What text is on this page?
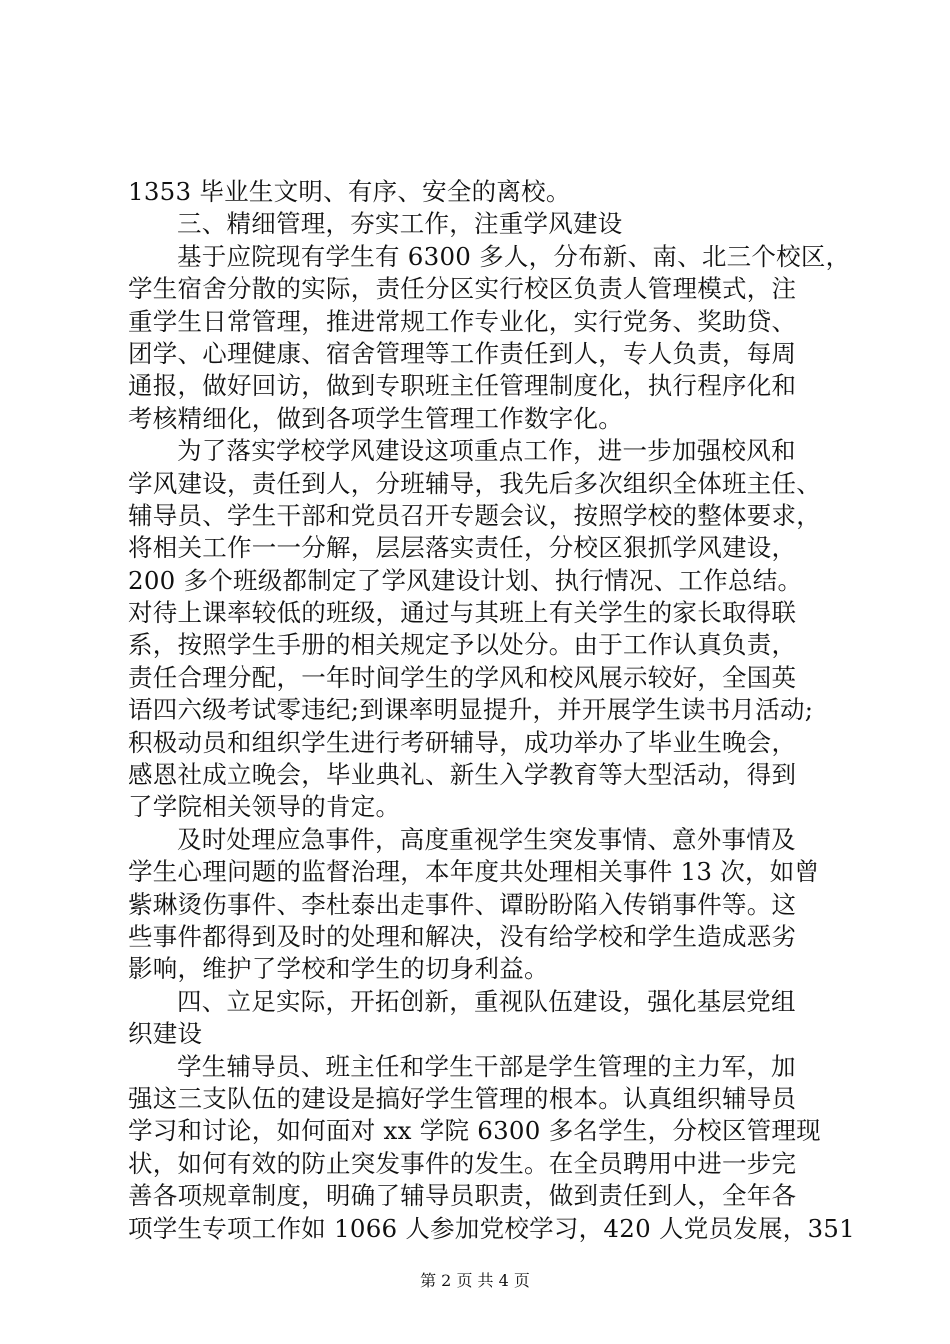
1353 毕业生文明、有序、安全的离校。
三、精细管理，夯实工作，注重学风建设
基于应院现有学生有 6300 多人，分布新、南、北三个校区，
学生宿舍分散的实际，责任分区实行校区负责人管理模式，注
重学生日常管理，推进常规工作专业化，实行党务、奖助贷、
团学、心理健康、宿舍管理等工作责任到人，专人负责，每周
通报，做好回访，做到专职班主任管理制度化，执行程序化和
考核精细化，做到各项学生管理工作数字化。
为了落实学校学风建设这项重点工作，进一步加强校风和
学风建设，责任到人，分班辅导，我先后多次组织全体班主任、
辅导员、学生干部和党员召开专题会议，按照学校的整体要求，
将相关工作一一分解，层层落实责任，分校区狠抓学风建设，
200 多个班级都制定了学风建设计划、执行情况、工作总结。
对待上课率较低的班级，通过与其班上有关学生的家长取得联
系，按照学生手册的相关规定予以处分。由于工作认真负责，
责任合理分配，一年时间学生的学风和校风展示较好，全国英
语四六级考试零违纪;到课率明显提升，并开展学生读书月活动;
积极动员和组织学生进行考研辅导，成功举办了毕业生晚会，
感恩社成立晚会，毕业典礼、新生入学教育等大型活动，得到
了学院相关领导的肯定。
及时处理应急事件，高度重视学生突发事情、意外事情及
学生心理问题的监督治理，本年度共处理相关事件 13 次，如曾
紫琳烫伤事件、李杜泰出走事件、谭盼盼陷入传销事件等。这
些事件都得到及时的处理和解决，没有给学校和学生造成恶劣
影响，维护了学校和学生的切身利益。
四、立足实际，开拓创新，重视队伍建设，强化基层党组
织建设
学生辅导员、班主任和学生干部是学生管理的主力军，加
强这三支队伍的建设是搞好学生管理的根本。认真组织辅导员
学习和讨论，如何面对 xx 学院 6300 多名学生，分校区管理现
状，如何有效的防止突发事件的发生。在全员聘用中进一步完
善各项规章制度，明确了辅导员职责，做到责任到人，全年各
项学生专项工作如 1066 人参加党校学习，420 人党员发展，351
第 2 页 共 4 页
